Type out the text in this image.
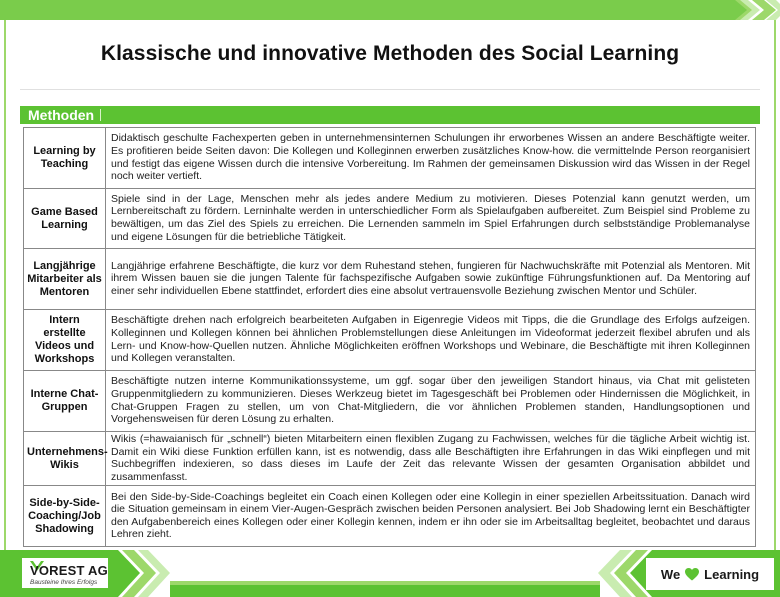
Klassische und innovative Methoden des Social Learning
Methoden
Learning by Teaching	Didaktisch geschulte Fachexperten geben in unternehmensinternen Schulungen ihr erworbenes Wissen an andere Beschäftigte weiter. Es profitieren beide Seiten davon: Die Kollegen und Kolleginnen erwerben zusätzliches Know-how. die vermittelnde Person reorganisiert und festigt das eigene Wissen durch die intensive Vorbereitung. Im Rahmen der gemeinsamen Diskussion wird das Wissen in der Regel noch weiter vertieft.
Game Based Learning	Spiele sind in der Lage, Menschen mehr als jedes andere Medium zu motivieren. Dieses Potenzial kann genutzt werden, um Lernbereitschaft zu fördern. Lerninhalte werden in unterschiedlicher Form als Spielaufgaben aufbereitet. Zum Beispiel sind Probleme zu bewältigen, um das Ziel des Spiels zu erreichen. Die Lernenden sammeln im Spiel Erfahrungen durch selbstständige Problemanalyse und eigene Lösungen für die betriebliche Tätigkeit.
Langjährige Mitarbeiter als Mentoren	Langjährige erfahrene Beschäftigte, die kurz vor dem Ruhestand stehen, fungieren für Nachwuchskräfte mit Potenzial als Mentoren. Mit ihrem Wissen bauen sie die jungen Talente für fachspezifische Aufgaben sowie zukünftige Führungsfunktionen auf. Da Mentoring auf einer sehr individuellen Ebene stattfindet, erfordert dies eine absolut vertrauensvolle Beziehung zwischen Mentor und Schüler.
Intern erstellte Videos und Workshops	Beschäftigte drehen nach erfolgreich bearbeiteten Aufgaben in Eigenregie Videos mit Tipps, die die Grundlage des Erfolgs aufzeigen. Kolleginnen und Kollegen können bei ähnlichen Problemstellungen diese Anleitungen im Videoformat jederzeit flexibel abrufen und als Lern- und Know-how-Quellen nutzen. Ähnliche Möglichkeiten eröffnen Workshops und Webinare, die Beschäftigte mit ihren Kolleginnen und Kollegen veranstalten.
Interne Chat-Gruppen	Beschäftigte nutzen interne Kommunikationssysteme, um ggf. sogar über den jeweiligen Standort hinaus, via Chat mit gelisteten Gruppenmitgliedern zu kommunizieren. Dieses Werkzeug bietet im Tagesgeschäft bei Problemen oder Hindernissen die Möglichkeit, in Chat-Gruppen Fragen zu stellen, um von Chat-Mitgliedern, die vor ähnlichen Problemen standen, Handlungsoptionen und Vorgehensweisen für deren Lösung zu erhalten.
Unternehmens-Wikis	Wikis (=hawaianisch für „schnell“) bieten Mitarbeitern einen flexiblen Zugang zu Fachwissen, welches für die tägliche Arbeit wichtig ist. Damit ein Wiki diese Funktion erfüllen kann, ist es notwendig, dass alle Beschäftigten ihre Erfahrungen in das Wiki einpflegen und mit Suchbegriffen indexieren, so dass dieses im Laufe der Zeit das relevante Wissen der gesamten Organisation abbildet und zusammenfasst.
Side-by-Side-Coaching/Job Shadowing	Bei den Side-by-Side-Coachings begleitet ein Coach einen Kollegen oder eine Kollegin in einer speziellen Arbeitssituation. Danach wird die Situation gemeinsam in einem Vier-Augen-Gespräch zwischen beiden Personen analysiert. Bei Job Shadowing lernt ein Beschäftigter den Aufgabenbereich eines Kollegen oder einer Kollegin kennen, indem er ihn oder sie im Arbeitsalltag begleitet, beobachtet und daraus Lehren zieht.
VOREST AG
Bausteine Ihres Erfolgs
We Learning
